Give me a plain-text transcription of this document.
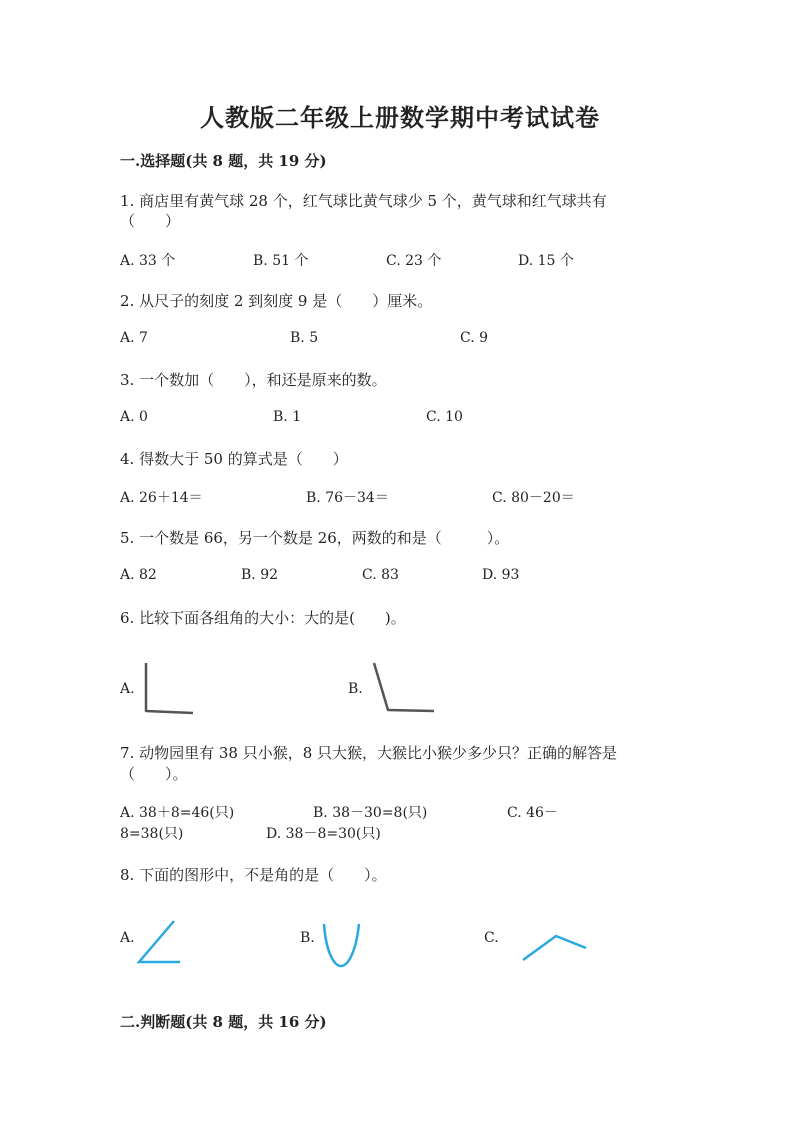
人教版二年级上册数学期中考试试卷
一.选择题(共 8 题，共 19 分)
1. 商店里有黄气球 28 个，红气球比黄气球少 5 个，黄气球和红气球共有
（　　）
A. 33 个	B. 51 个	C. 23 个	D. 15 个
2. 从尺子的刻度 2 到刻度 9 是（　　）厘米。
A. 7	B. 5	C. 9
3. 一个数加（　　），和还是原来的数。
A. 0	B. 1	C. 10
4. 得数大于 50 的算式是（　　）
A. 26＋14＝	B. 76－34＝	C. 80－20＝
5. 一个数是 66，另一个数是 26，两数的和是（　　　）。
A. 82	B. 92	C. 83	D. 93
6. 比较下面各组角的大小：大的是(　　)。
A.	B.
7. 动物园里有 38 只小猴，8 只大猴，大猴比小猴少多少只？正确的解答是
（　　）。
A. 38＋8=46(只)	B. 38－30=8(只)	C. 46－
8=38(只)	D. 38－8=30(只)
8. 下面的图形中，不是角的是（　　）。
A.	B.	C.
二.判断题(共 8 题，共 16 分)
